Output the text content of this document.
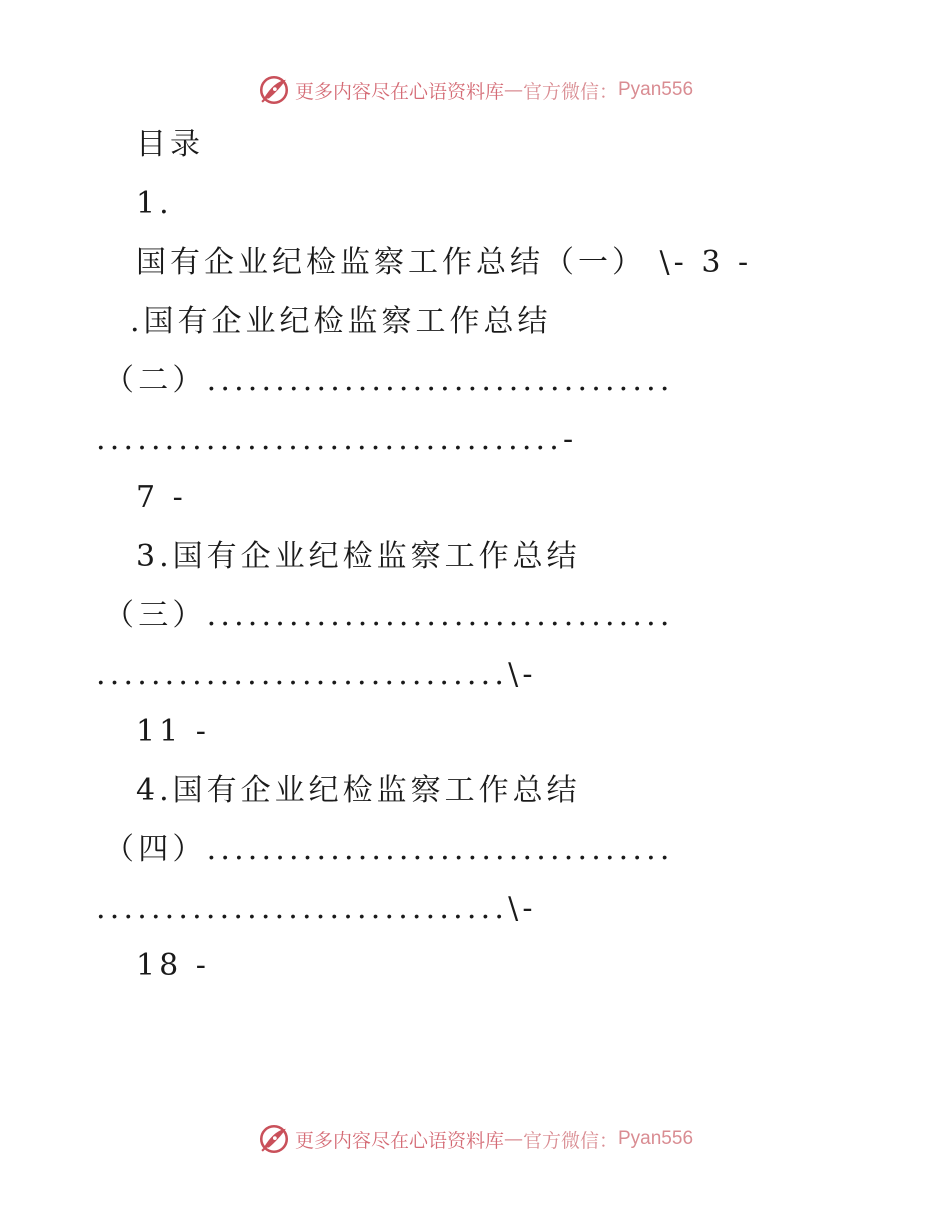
更多内容尽在心语资料库 — 官方微信： Pyan556
目录
1.
国有企业纪检监察工作总结（一） \- 3 -
.国有企业纪检监察工作总结
（二）..................................
..................................-
7 -
3.国有企业纪检监察工作总结
（三）..................................
..............................\-
11 -
4.国有企业纪检监察工作总结
（四）..................................
..............................\-
18 -
更多内容尽在心语资料库 — 官方微信： Pyan556
